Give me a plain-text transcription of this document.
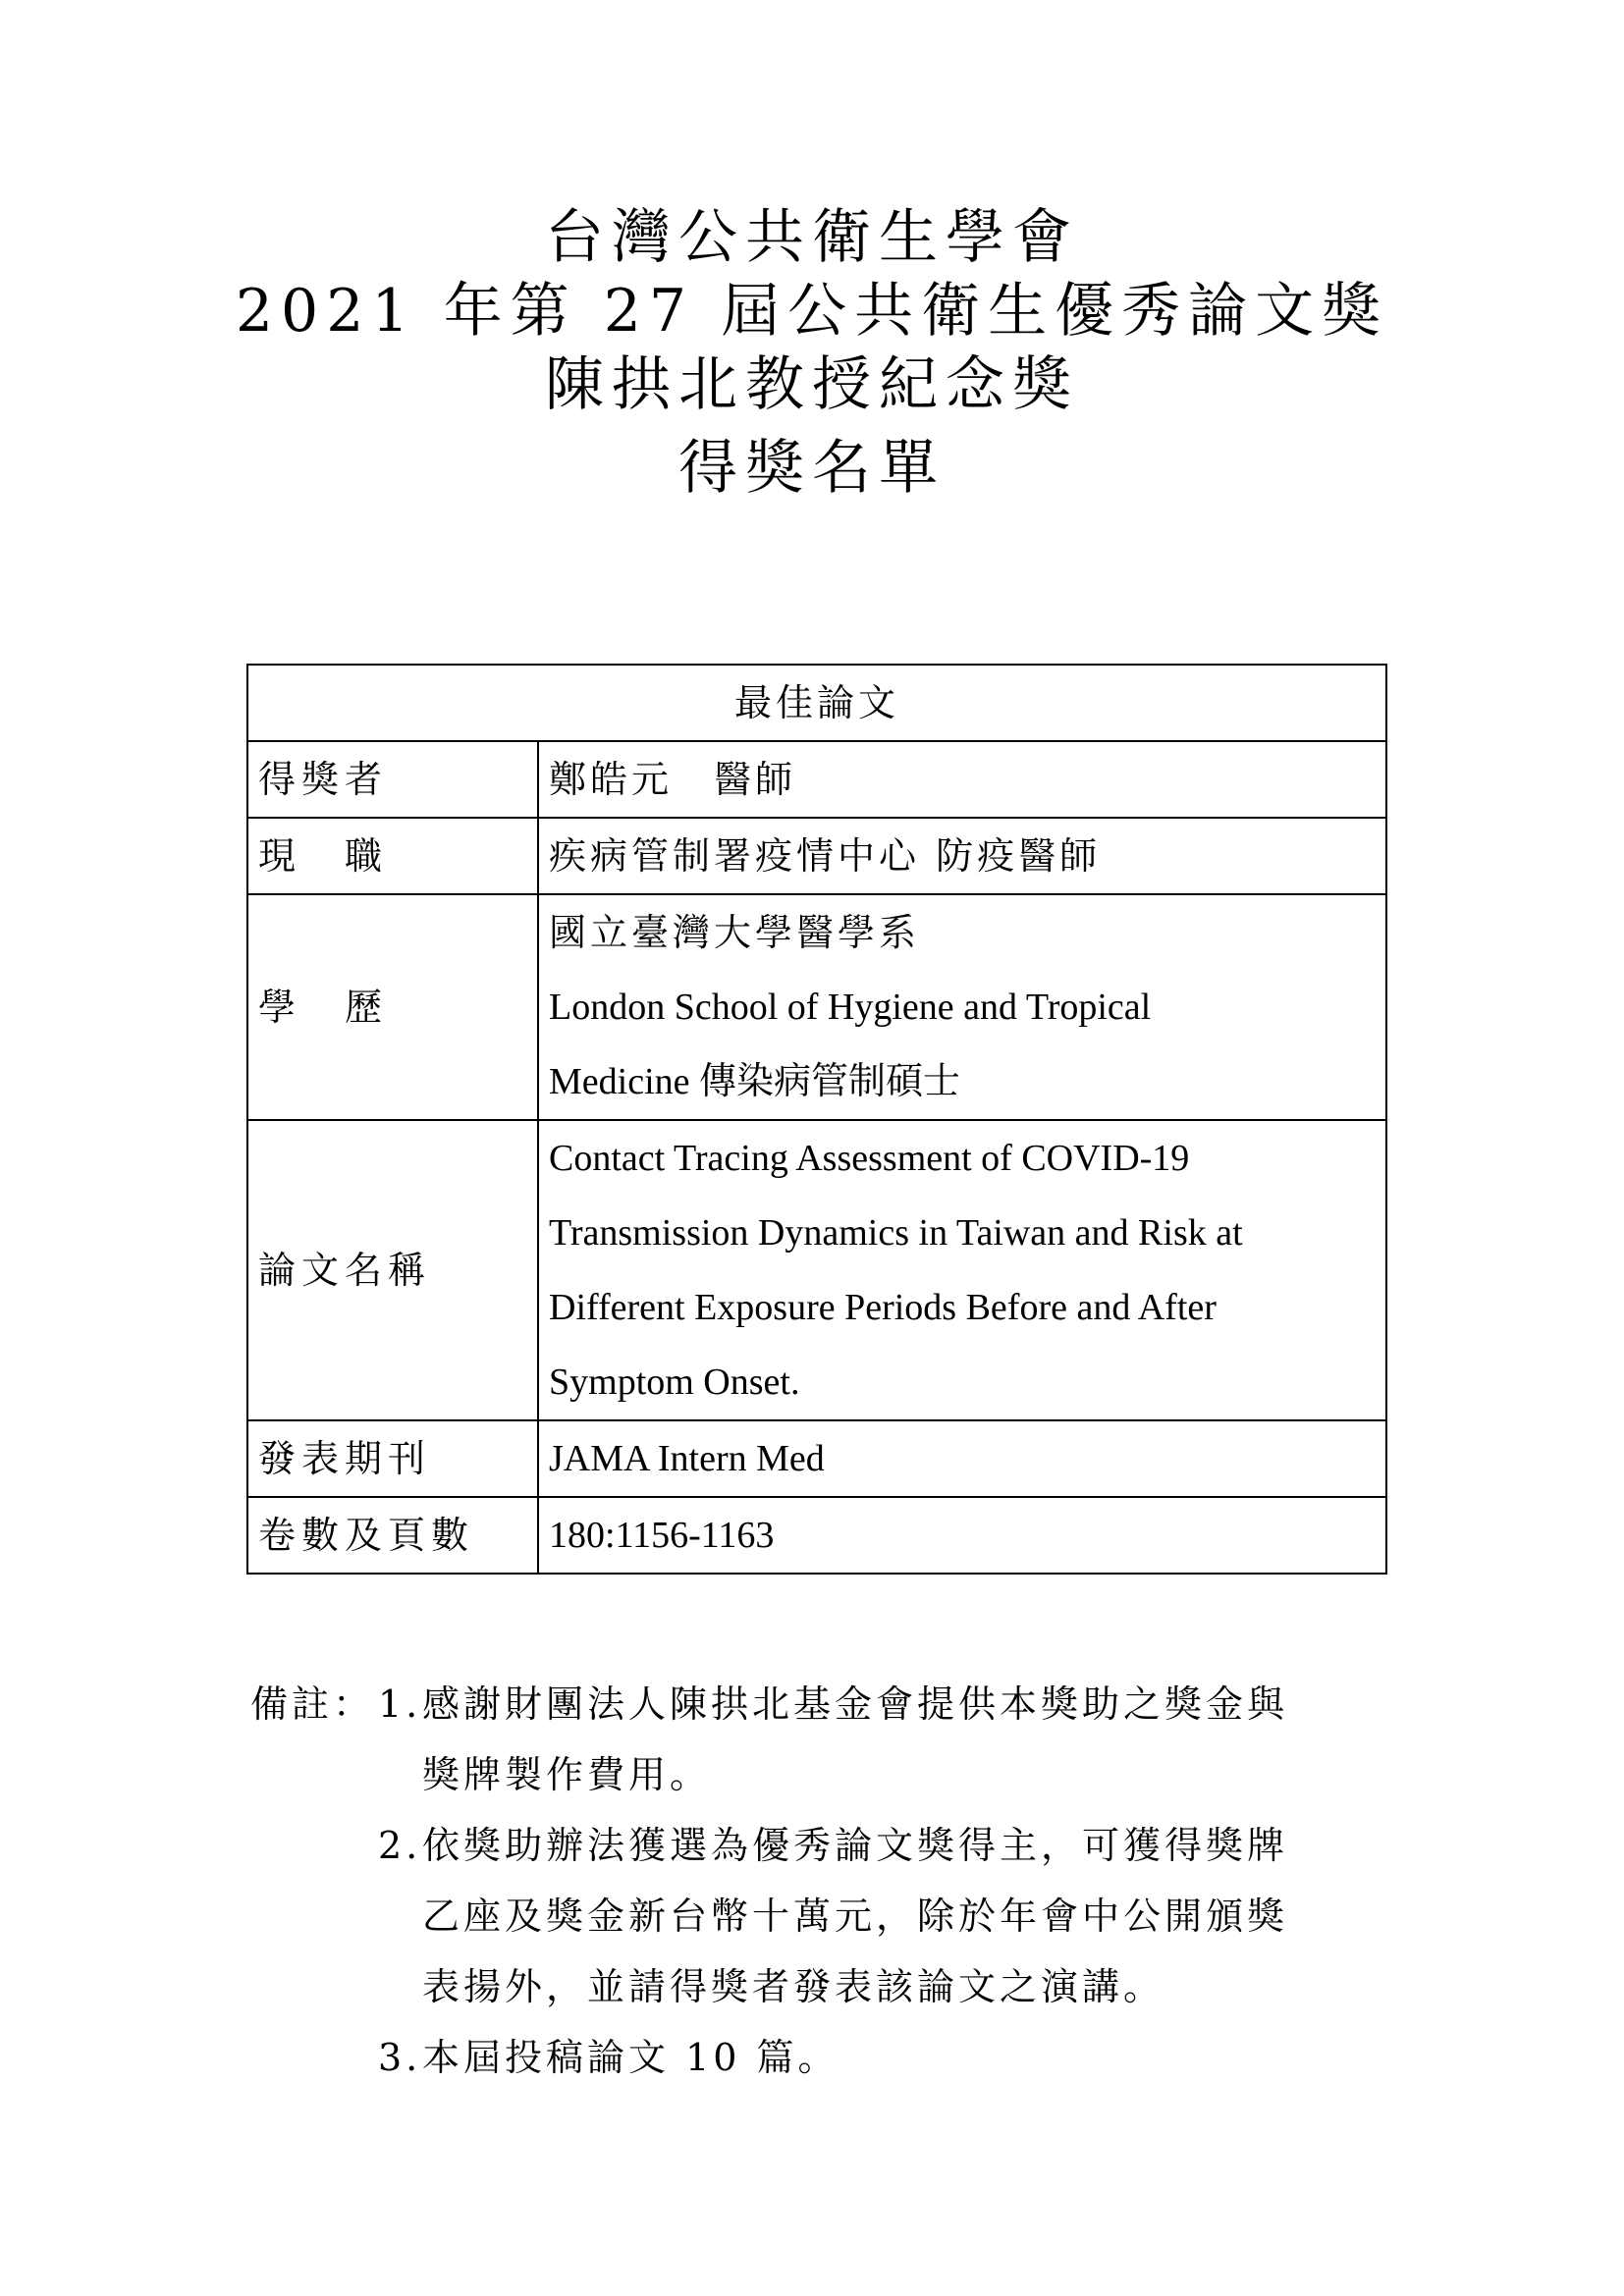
台灣公共衛生學會
2021 年第 27 屆公共衛生優秀論文獎
陳拱北教授紀念獎
得獎名單
最佳論文	
得獎者	鄭皓元　醫師

現　職	疾病管制署疫情中心 防疫醫師

學　歷	國立臺灣大學醫學系
London School of Hygiene and Tropical
Medicine 傳染病管制碩士

論文名稱	Contact Tracing Assessment of COVID-19
Transmission Dynamics in Taiwan and Risk at
Different Exposure Periods Before and After
Symptom Onset.

發表期刊	JAMA Intern Med

卷數及頁數	180:1156-1163
備註： 1. 感謝財團法人陳拱北基金會提供本獎助之獎金與
獎牌製作費用。
2. 依獎助辦法獲選為優秀論文獎得主，可獲得獎牌
乙座及獎金新台幣十萬元，除於年會中公開頒獎
表揚外，並請得獎者發表該論文之演講。
3. 本屆投稿論文 10 篇。
